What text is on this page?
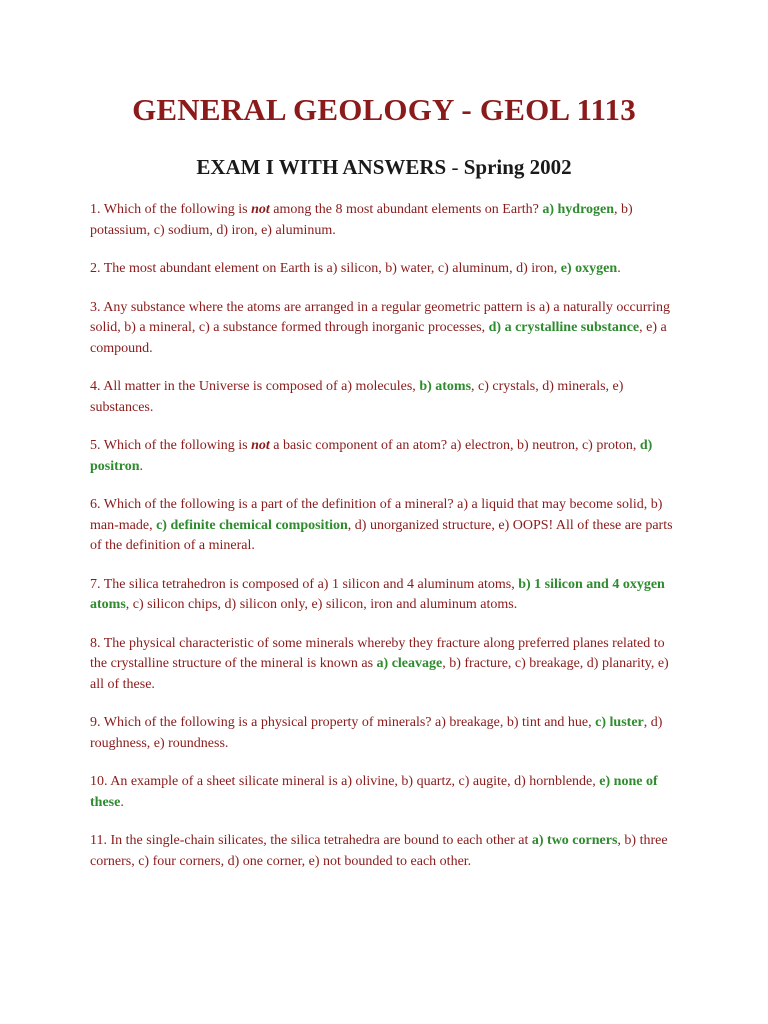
GENERAL GEOLOGY - GEOL 1113
EXAM I WITH ANSWERS - Spring 2002

1. Which of the following is not among the 8 most abundant elements on Earth? a) hydrogen, b) potassium, c) sodium, d) iron, e) aluminum.

2. The most abundant element on Earth is a) silicon, b) water, c) aluminum, d) iron, e) oxygen.

3. Any substance where the atoms are arranged in a regular geometric pattern is a) a naturally occurring solid, b) a mineral, c) a substance formed through inorganic processes, d) a crystalline substance, e) a compound.

4. All matter in the Universe is composed of a) molecules, b) atoms, c) crystals, d) minerals, e) substances.

5. Which of the following is not a basic component of an atom? a) electron, b) neutron, c) proton, d) positron.

6. Which of the following is a part of the definition of a mineral? a) a liquid that may become solid, b) man-made, c) definite chemical composition, d) unorganized structure, e) OOPS! All of these are parts of the definition of a mineral.

7. The silica tetrahedron is composed of a) 1 silicon and 4 aluminum atoms, b) 1 silicon and 4 oxygen atoms, c) silicon chips, d) silicon only, e) silicon, iron and aluminum atoms.

8. The physical characteristic of some minerals whereby they fracture along preferred planes related to the crystalline structure of the mineral is known as a) cleavage, b) fracture, c) breakage, d) planarity, e) all of these.

9. Which of the following is a physical property of minerals? a) breakage, b) tint and hue, c) luster, d) roughness, e) roundness.

10. An example of a sheet silicate mineral is a) olivine, b) quartz, c) augite, d) hornblende, e) none of these.

11. In the single-chain silicates, the silica tetrahedra are bound to each other at a) two corners, b) three corners, c) four corners, d) one corner, e) not bounded to each other.
